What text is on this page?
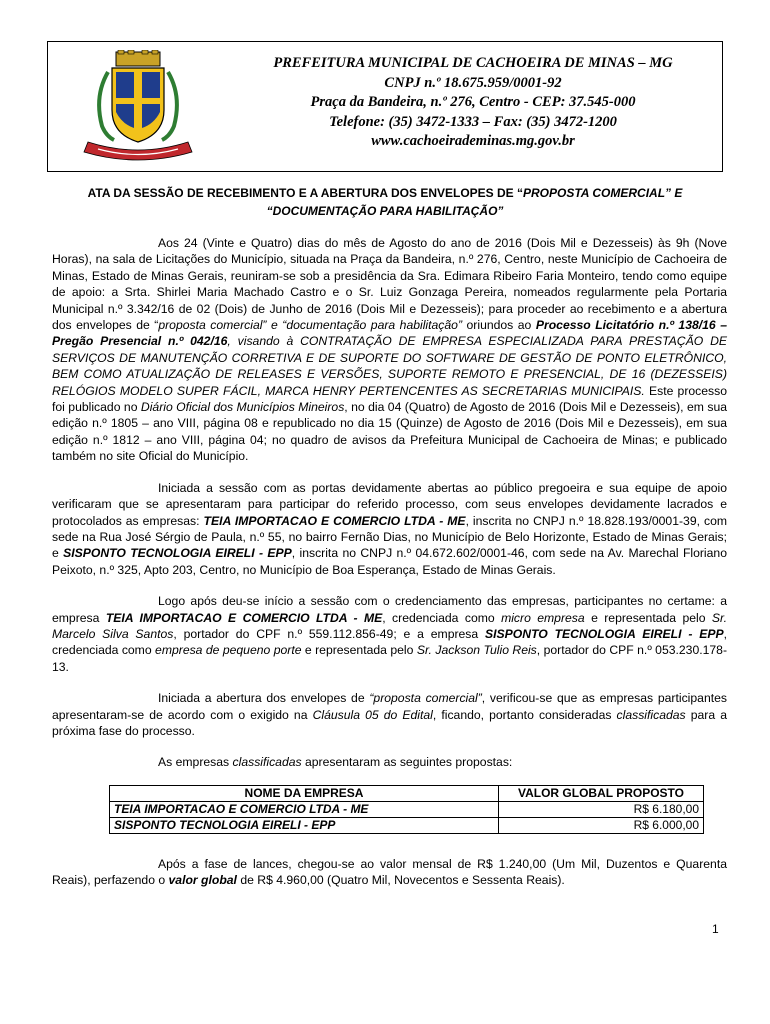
PREFEITURA MUNICIPAL DE CACHOEIRA DE MINAS – MG
CNPJ n.º 18.675.959/0001-92
Praça da Bandeira, n.º 276, Centro - CEP: 37.545-000
Telefone: (35) 3472-1333 – Fax: (35) 3472-1200
www.cachoeirademinas.mg.gov.br
ATA DA SESSÃO DE RECEBIMENTO E A ABERTURA DOS ENVELOPES DE “PROPOSTA COMERCIAL” E “DOCUMENTAÇÃO PARA HABILITAÇÃO”

Aos 24 (Vinte e Quatro) dias do mês de Agosto do ano de 2016 (Dois Mil e Dezesseis) às 9h (Nove Horas), na sala de Licitações do Município, situada na Praça da Bandeira, n.º 276, Centro, neste Município de Cachoeira de Minas, Estado de Minas Gerais, reuniram-se sob a presidência da Sra. Edimara Ribeiro Faria Monteiro, tendo como equipe de apoio: a Srta. Shirlei Maria Machado Castro e o Sr. Luiz Gonzaga Pereira, nomeados regularmente pela Portaria Municipal n.º 3.342/16 de 02 (Dois) de Junho de 2016 (Dois Mil e Dezesseis); para proceder ao recebimento e a abertura dos envelopes de “proposta comercial” e “documentação para habilitação” oriundos ao Processo Licitatório n.º 138/16 – Pregão Presencial n.º 042/16, visando à CONTRATAÇÃO DE EMPRESA ESPECIALIZADA PARA PRESTAÇÃO DE SERVIÇOS DE MANUTENÇÃO CORRETIVA E DE SUPORTE DO SOFTWARE DE GESTÃO DE PONTO ELETRÔNICO, BEM COMO ATUALIZAÇÃO DE RELEASES E VERSÕES, SUPORTE REMOTO E PRESENCIAL, DE 16 (DEZESSEIS) RELÓGIOS MODELO SUPER FÁCIL, MARCA HENRY PERTENCENTES AS SECRETARIAS MUNICIPAIS. Este processo foi publicado no Diário Oficial dos Municípios Mineiros, no dia 04 (Quatro) de Agosto de 2016 (Dois Mil e Dezesseis), em sua edição n.º 1805 – ano VIII, página 08 e republicado no dia 15 (Quinze) de Agosto de 2016 (Dois Mil e Dezesseis), em sua edição n.º 1812 – ano VIII, página 04; no quadro de avisos da Prefeitura Municipal de Cachoeira de Minas; e publicado também no site Oficial do Município.

Iniciada a sessão com as portas devidamente abertas ao público pregoeira e sua equipe de apoio verificaram que se apresentaram para participar do referido processo, com seus envelopes devidamente lacrados e protocolados as empresas: TEIA IMPORTACAO E COMERCIO LTDA - ME, inscrita no CNPJ n.º 18.828.193/0001-39, com sede na Rua José Sérgio de Paula, n.º 55, no bairro Fernão Dias, no Município de Belo Horizonte, Estado de Minas Gerais; e SISPONTO TECNOLOGIA EIRELI - EPP, inscrita no CNPJ n.º 04.672.602/0001-46, com sede na Av. Marechal Floriano Peixoto, n.º 325, Apto 203, Centro, no Município de Boa Esperança, Estado de Minas Gerais.

Logo após deu-se início a sessão com o credenciamento das empresas, participantes no certame: a empresa TEIA IMPORTACAO E COMERCIO LTDA - ME, credenciada como micro empresa e representada pelo Sr. Marcelo Silva Santos, portador do CPF n.º 559.112.856-49; e a empresa SISPONTO TECNOLOGIA EIRELI - EPP, credenciada como empresa de pequeno porte e representada pelo Sr. Jackson Tulio Reis, portador do CPF n.º 053.230.178-13.

Iniciada a abertura dos envelopes de “proposta comercial”, verificou-se que as empresas participantes apresentaram-se de acordo com o exigido na Cláusula 05 do Edital, ficando, portanto consideradas classificadas para a próxima fase do processo.

As empresas classificadas apresentaram as seguintes propostas:

NOME DA EMPRESA	VALOR GLOBAL PROPOSTO
TEIA IMPORTACAO E COMERCIO LTDA - ME	R$ 6.180,00
SISPONTO TECNOLOGIA EIRELI - EPP	R$ 6.000,00

Após a fase de lances, chegou-se ao valor mensal de R$ 1.240,00 (Um Mil, Duzentos e Quarenta Reais), perfazendo o valor global de R$ 4.960,00 (Quatro Mil, Novecentos e Sessenta Reais).

1
